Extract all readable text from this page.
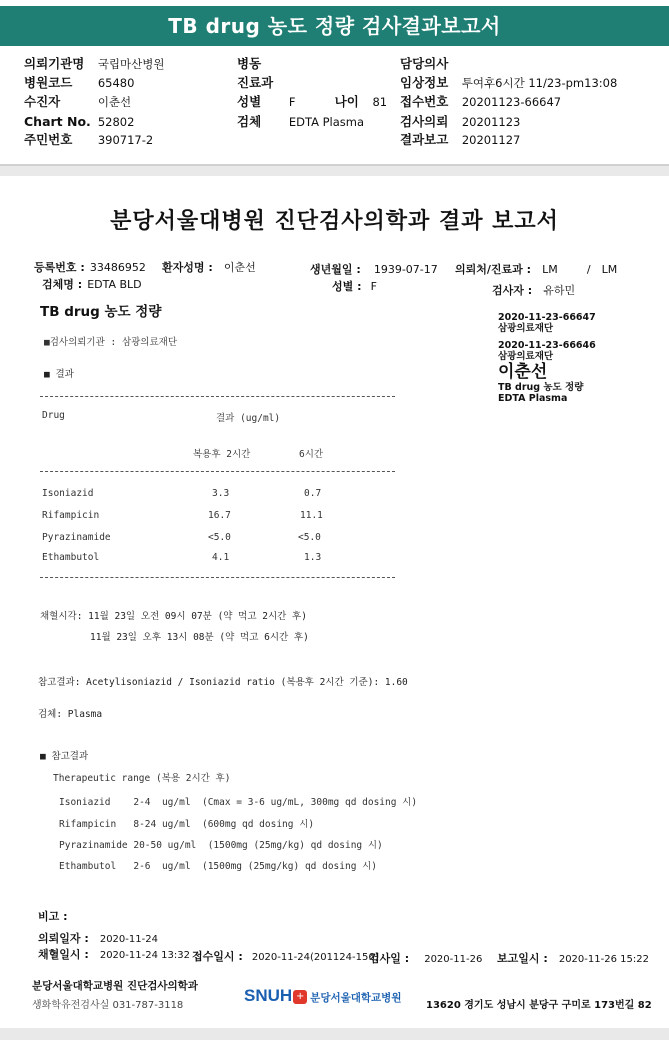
TB drug 농도 정량 검사결과보고서
의뢰기관명 국립마산병원
병원코드 65480
수진자	이춘선
Chart No. 52802
주민번호 390717-2
병동
진료과
성별 F	나이 81
검체 EDTA Plasma
담당의사
임상정보 투여후6시간 11/23-pm13:08
접수번호 20201123-66647
검사의뢰 20201123
결과보고 20201127
분당서울대병원 진단검사의학과 결과 보고서
등록번호 : 33486952 환자성명 : 이춘선	생년월일 : 1939-07-17 의뢰처/진료과 : LM	/ LM
검체명 : EDTA BLD	성별 : F	검사자 : 유하민
TB drug 농도 정량	2020-11-23-66647
삼광의료재단
2020-11-23-66646
삼광의료재단
이춘선
TB drug 농도 정량
EDTA Plasma
■검사의뢰기관 : 삼광의료재단
■ 결과
Drug	결과 (ug/ml)
복용후 2시간	6시간
Isoniazid	3.3	0.7
Rifampicin	16.7	11.1
Pyrazinamide	<5.0	<5.0
Ethambutol	4.1	1.3
채혈시각: 11월 23일 오전 09시 07분 (약 먹고 2시간 후)
11월 23일 오후 13시 08분 (약 먹고 6시간 후)
참고결과: Acetylisoniazid / Isoniazid ratio (복용후 2시간 기준): 1.60
검체: Plasma
■ 참고결과
Therapeutic range (복용 2시간 후)
Isoniazid    2-4  ug/ml  (Cmax = 3-6 ug/mL, 300mg qd dosing 시)
Rifampicin   8-24 ug/ml  (600mg qd dosing 시)
Pyrazinamide 20-50 ug/ml  (1500mg (25mg/kg) qd dosing 시)
Ethambutol   2-6  ug/ml  (1500mg (25mg/kg) qd dosing 시)
비고 :
의뢰일자 : 2020-11-24
채혈일시 : 2020-11-24 13:32 접수일시 : 2020-11-24(201124-156)
검사일 : 2020-11-26 보고일시 : 2020-11-26 15:22
분당서울대학교병원 진단검사의학과
생화학유전검사실 031-787-3118
SNUH + 분당서울대학교병원
13620 경기도 성남시 분당구 구미로 173번길 82
